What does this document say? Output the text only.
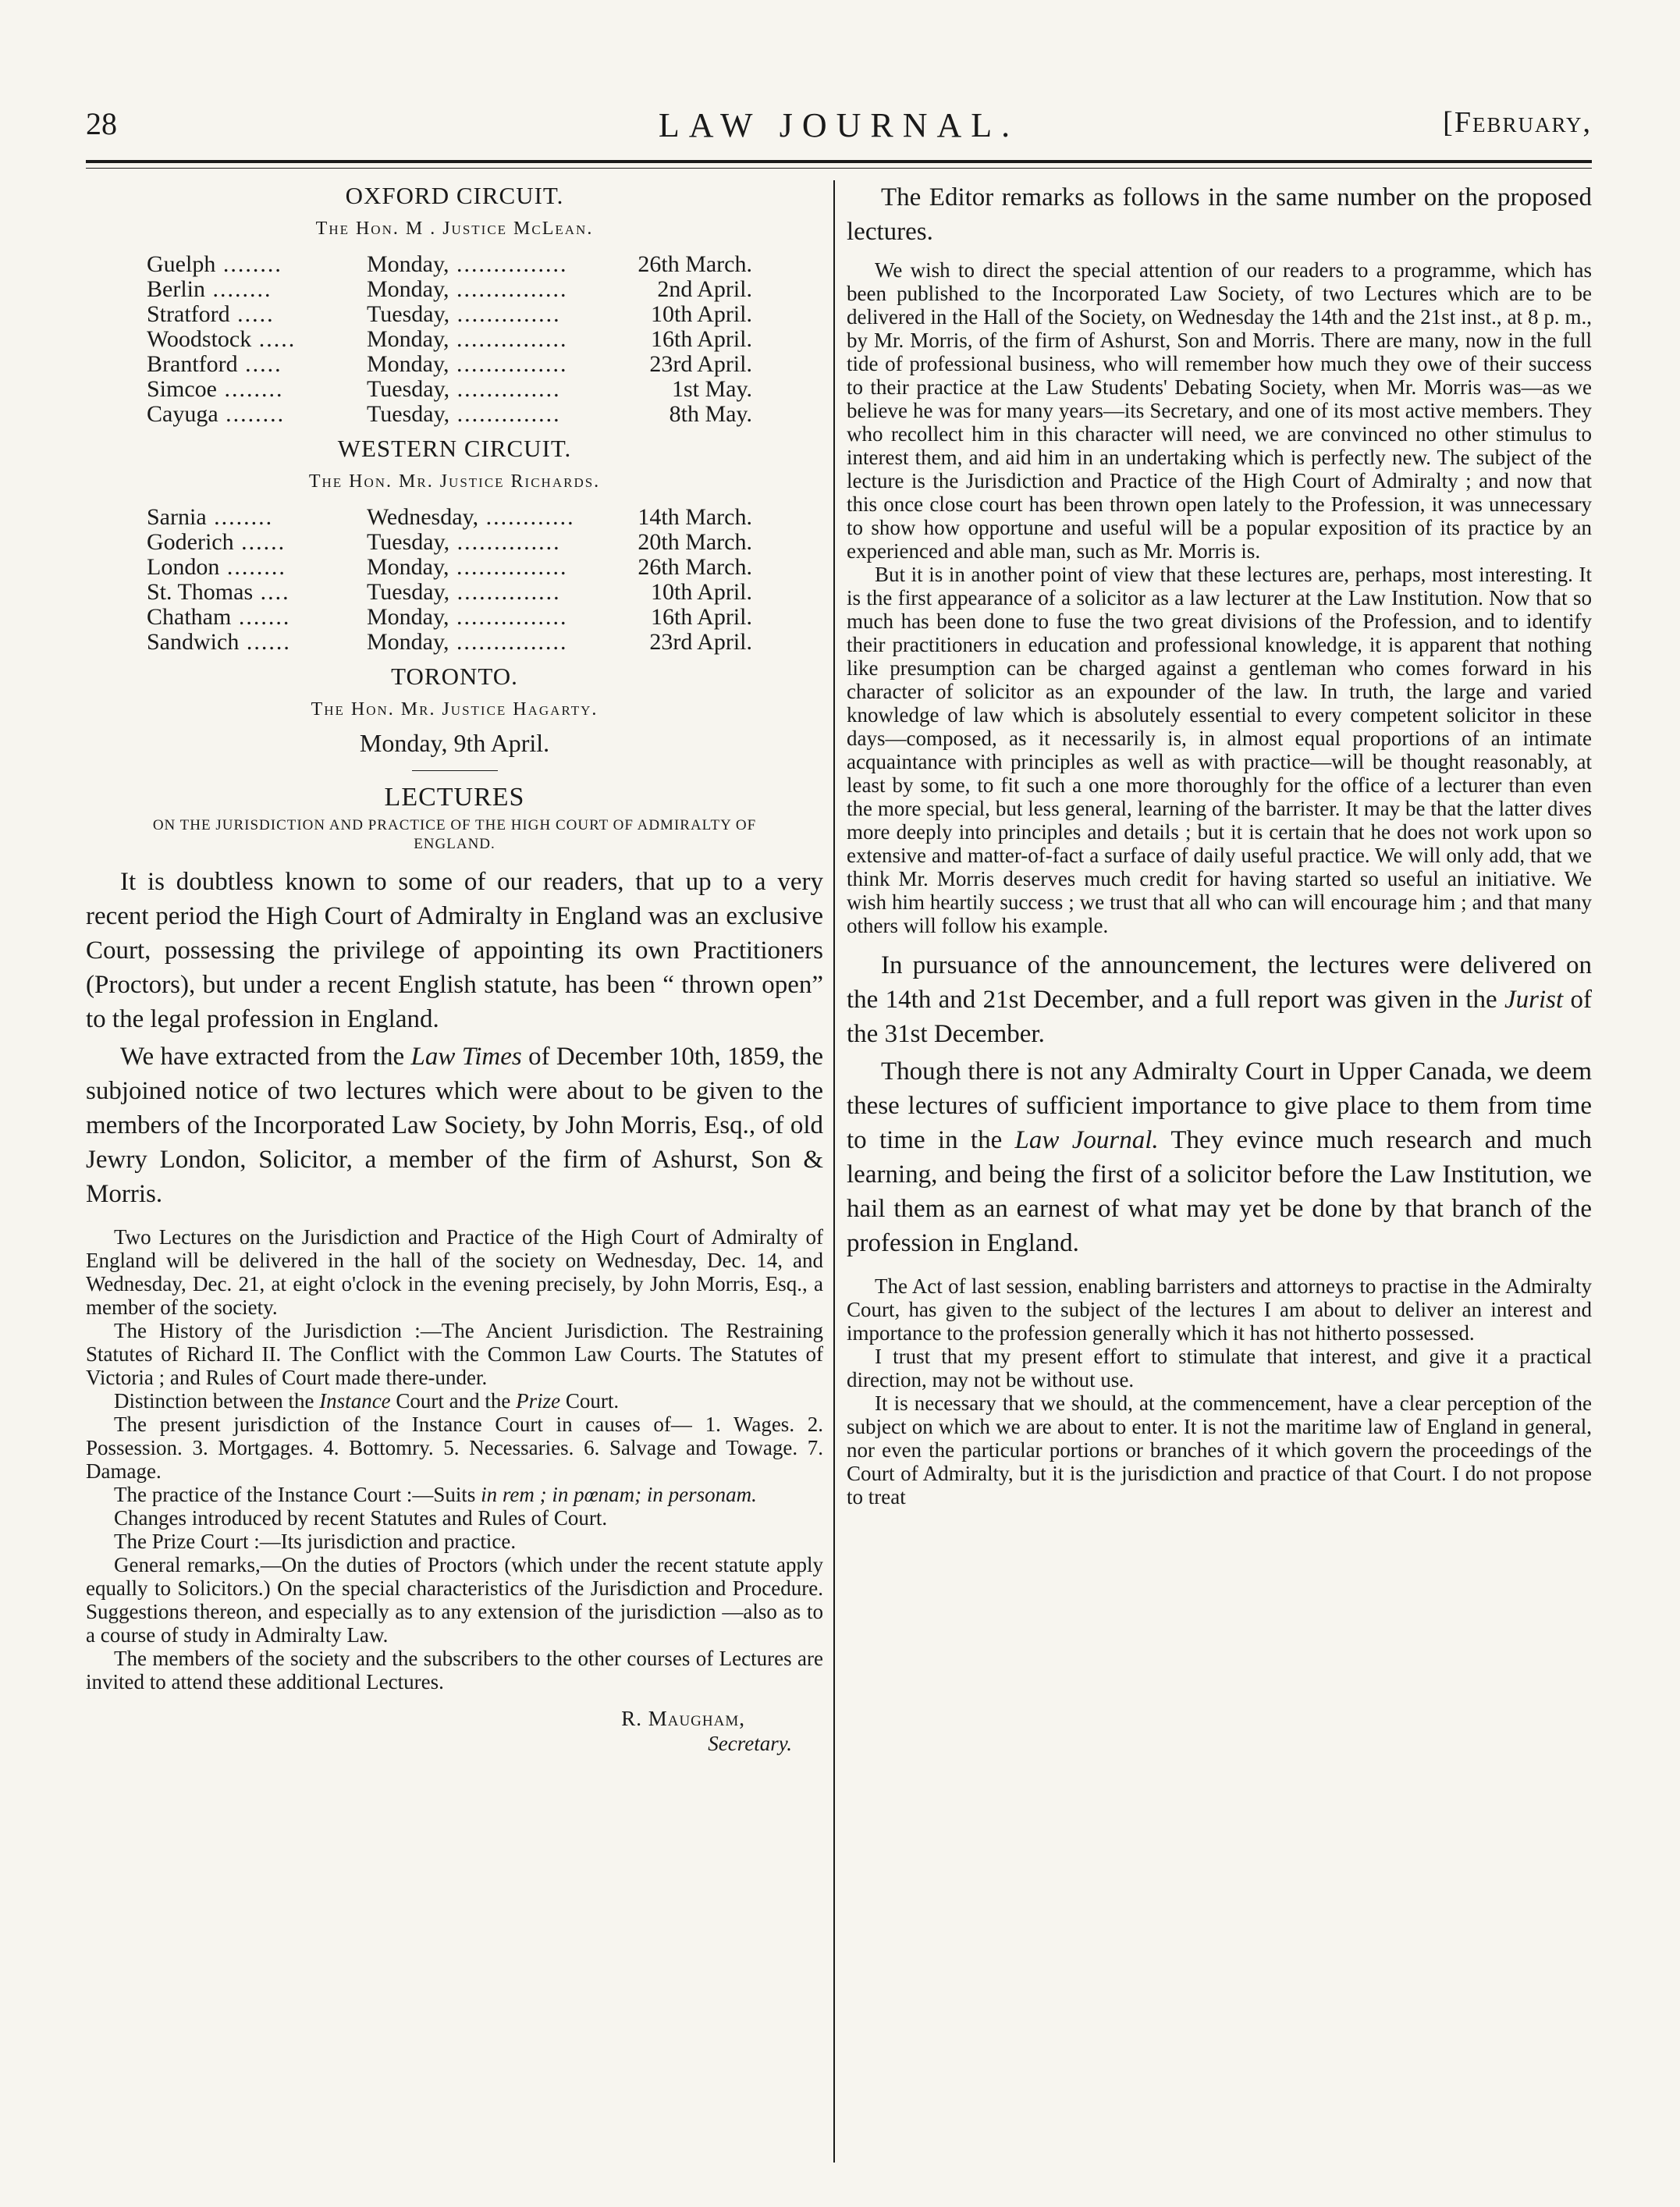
28	LAW JOURNAL.	[February,
OXFORD CIRCUIT.
The Hon. M . Justice McLean.
Guelph ........	Monday, ...............	26th March.
Berlin ........	Monday, ...............	2nd April.
Stratford .....	Tuesday, ..............	10th April.
Woodstock .....	Monday, ...............	16th April.
Brantford .....	Monday, ...............	23rd April.
Simcoe ........	Tuesday, ..............	1st May.
Cayuga ........	Tuesday, ..............	8th May.
WESTERN CIRCUIT.
The Hon. Mr. Justice Richards.
Sarnia ........	Wednesday, ............	14th March.
Goderich ......	Tuesday, ..............	20th March.
London ........	Monday, ...............	26th March.
St. Thomas ....	Tuesday, ..............	10th April.
Chatham .......	Monday, ...............	16th April.
Sandwich ......	Monday, ...............	23rd April.
TORONTO.
The Hon. Mr. Justice Hagarty.
Monday, 9th April.
LECTURES
ON THE JURISDICTION AND PRACTICE OF THE HIGH COURT OF ADMIRALTY OF ENGLAND.

It is doubtless known to some of our readers, that up to a very recent period the High Court of Admiralty in England was an exclusive Court, possessing the privilege of appointing its own Practitioners (Proctors), but under a recent English statute, has been “ thrown open” to the legal profession in England.

We have extracted from the Law Times of December 10th, 1859, the subjoined notice of two lectures which were about to be given to the members of the Incorporated Law Society, by John Morris, Esq., of old Jewry London, Solicitor, a member of the firm of Ashurst, Son & Morris.

Two Lectures on the Jurisdiction and Practice of the High Court of Admiralty of England will be delivered in the hall of the society on Wednesday, Dec. 14, and Wednesday, Dec. 21, at eight o'clock in the evening precisely, by John Morris, Esq., a member of the society.

The History of the Jurisdiction :—The Ancient Jurisdiction. The Restraining Statutes of Richard II. The Conflict with the Common Law Courts. The Statutes of Victoria ; and Rules of Court made there-under.

Distinction between the Instance Court and the Prize Court.

The present jurisdiction of the Instance Court in causes of— 1. Wages. 2. Possession. 3. Mortgages. 4. Bottomry. 5. Necessaries. 6. Salvage and Towage. 7. Damage.

The practice of the Instance Court :—Suits in rem ; in pœnam; in personam.

Changes introduced by recent Statutes and Rules of Court.

The Prize Court :—Its jurisdiction and practice.

General remarks,—On the duties of Proctors (which under the recent statute apply equally to Solicitors.) On the special characteristics of the Jurisdiction and Procedure. Suggestions thereon, and especially as to any extension of the jurisdiction —also as to a course of study in Admiralty Law.

The members of the society and the subscribers to the other courses of Lectures are invited to attend these additional Lectures.

R. Maugham,
Secretary.

The Editor remarks as follows in the same number on the proposed lectures.

We wish to direct the special attention of our readers to a programme, which has been published to the Incorporated Law Society, of two Lectures which are to be delivered in the Hall of the Society, on Wednesday the 14th and the 21st inst., at 8 p. m., by Mr. Morris, of the firm of Ashurst, Son and Morris. There are many, now in the full tide of professional business, who will remember how much they owe of their success to their practice at the Law Students' Debating Society, when Mr. Morris was—as we believe he was for many years—its Secretary, and one of its most active members. They who recollect him in this character will need, we are convinced no other stimulus to interest them, and aid him in an undertaking which is perfectly new. The subject of the lecture is the Jurisdiction and Practice of the High Court of Admiralty ; and now that this once close court has been thrown open lately to the Profession, it was unnecessary to show how opportune and useful will be a popular exposition of its practice by an experienced and able man, such as Mr. Morris is.

But it is in another point of view that these lectures are, perhaps, most interesting. It is the first appearance of a solicitor as a law lecturer at the Law Institution. Now that so much has been done to fuse the two great divisions of the Profession, and to identify their practitioners in education and professional knowledge, it is apparent that nothing like presumption can be charged against a gentleman who comes forward in his character of solicitor as an expounder of the law. In truth, the large and varied knowledge of law which is absolutely essential to every competent solicitor in these days—composed, as it necessarily is, in almost equal proportions of an intimate acquaintance with principles as well as with practice—will be thought reasonably, at least by some, to fit such a one more thoroughly for the office of a lecturer than even the more special, but less general, learning of the barrister. It may be that the latter dives more deeply into principles and details ; but it is certain that he does not work upon so extensive and matter-of-fact a surface of daily useful practice. We will only add, that we think Mr. Morris deserves much credit for having started so useful an initiative. We wish him heartily success ; we trust that all who can will encourage him ; and that many others will follow his example.

In pursuance of the announcement, the lectures were delivered on the 14th and 21st December, and a full report was given in the Jurist of the 31st December.

Though there is not any Admiralty Court in Upper Canada, we deem these lectures of sufficient importance to give place to them from time to time in the Law Journal. They evince much research and much learning, and being the first of a solicitor before the Law Institution, we hail them as an earnest of what may yet be done by that branch of the profession in England.

The Act of last session, enabling barristers and attorneys to practise in the Admiralty Court, has given to the subject of the lectures I am about to deliver an interest and importance to the profession generally which it has not hitherto possessed.

I trust that my present effort to stimulate that interest, and give it a practical direction, may not be without use.

It is necessary that we should, at the commencement, have a clear perception of the subject on which we are about to enter. It is not the maritime law of England in general, nor even the particular portions or branches of it which govern the proceedings of the Court of Admiralty, but it is the jurisdiction and practice of that Court. I do not propose to treat
